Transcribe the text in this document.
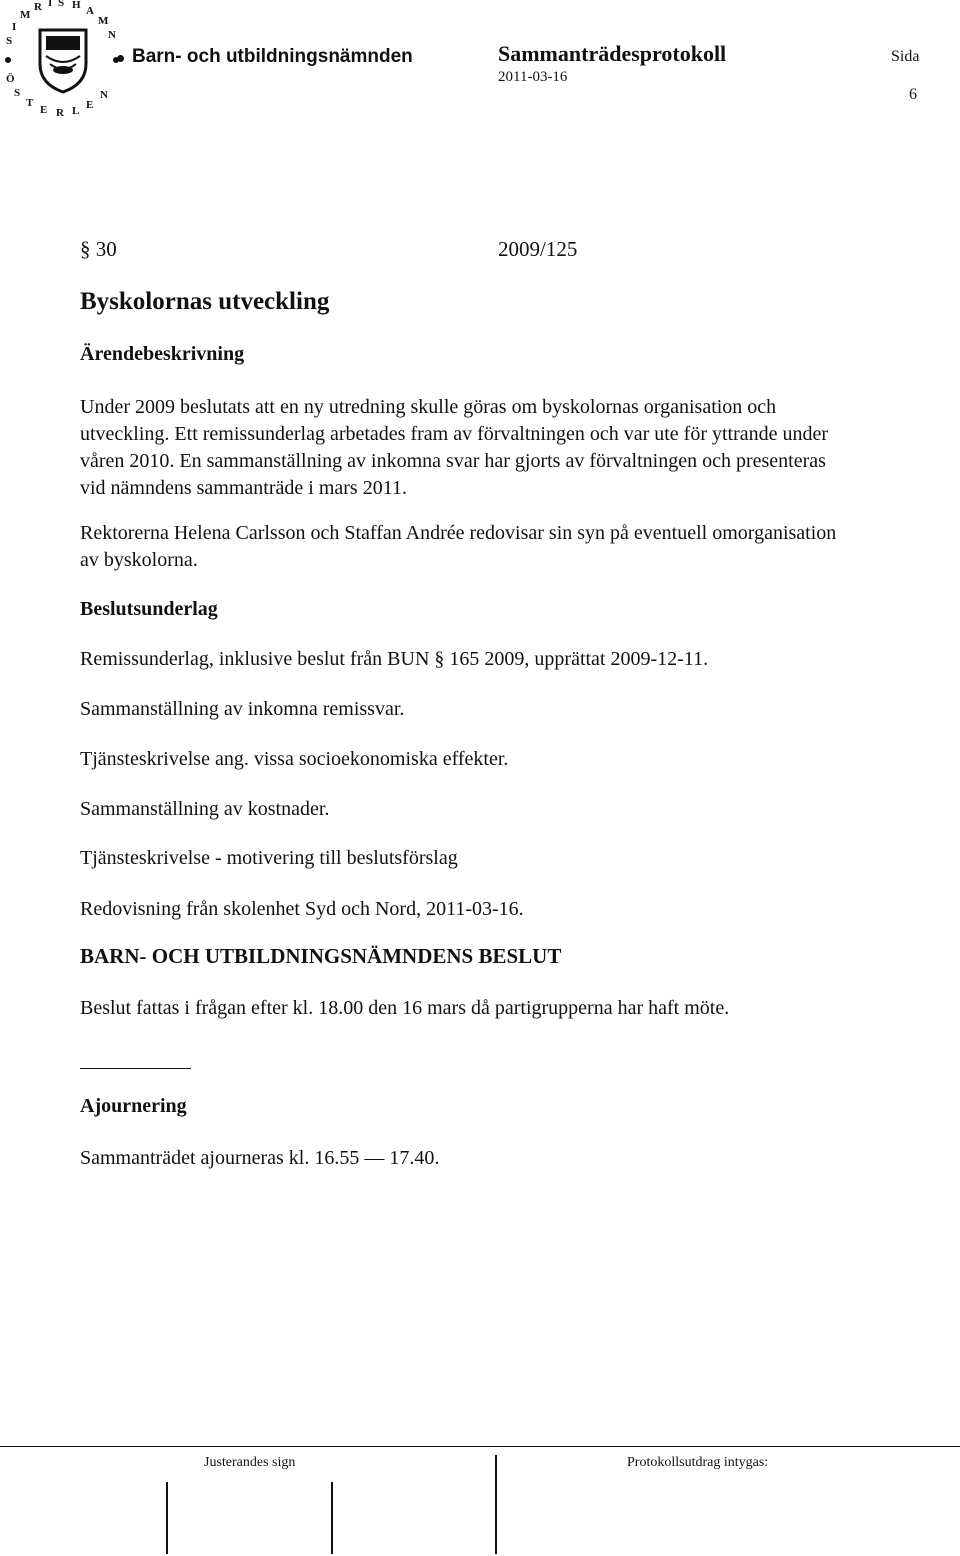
S
I
M
R I S H A
M
N
Ö
S
T
E R L E
N
Barn- och utbildningsnämnden	Sammanträdesprotokoll
2011-03-16
Sida
6
§ 30	2009/125
Byskolornas utveckling
Ärendebeskrivning
Under 2009 beslutats att en ny utredning skulle göras om byskolornas organisation och
utveckling. Ett remissunderlag arbetades fram av förvaltningen och var ute för yttrande under
våren 2010. En sammanställning av inkomna svar har gjorts av förvaltningen och presenteras
vid nämndens sammanträde i mars 2011.
Rektorerna Helena Carlsson och Staffan Andrée redovisar sin syn på eventuell omorganisation
av byskolorna.
Beslutsunderlag
Remissunderlag, inklusive beslut från BUN § 165 2009, upprättat 2009-12-11.
Sammanställning av inkomna remissvar.
Tjänsteskrivelse ang. vissa socioekonomiska effekter.
Sammanställning av kostnader.
Tjänsteskrivelse - motivering till beslutsförslag
Redovisning från skolenhet Syd och Nord, 2011-03-16.
BARN- OCH UTBILDNINGSNÄMNDENS BESLUT
Beslut fattas i frågan efter kl. 18.00 den 16 mars då partigrupperna har haft möte.
Ajournering
Sammanträdet ajourneras kl. 16.55 — 17.40.
Justerandes sign	Protokollsutdrag intygas:
